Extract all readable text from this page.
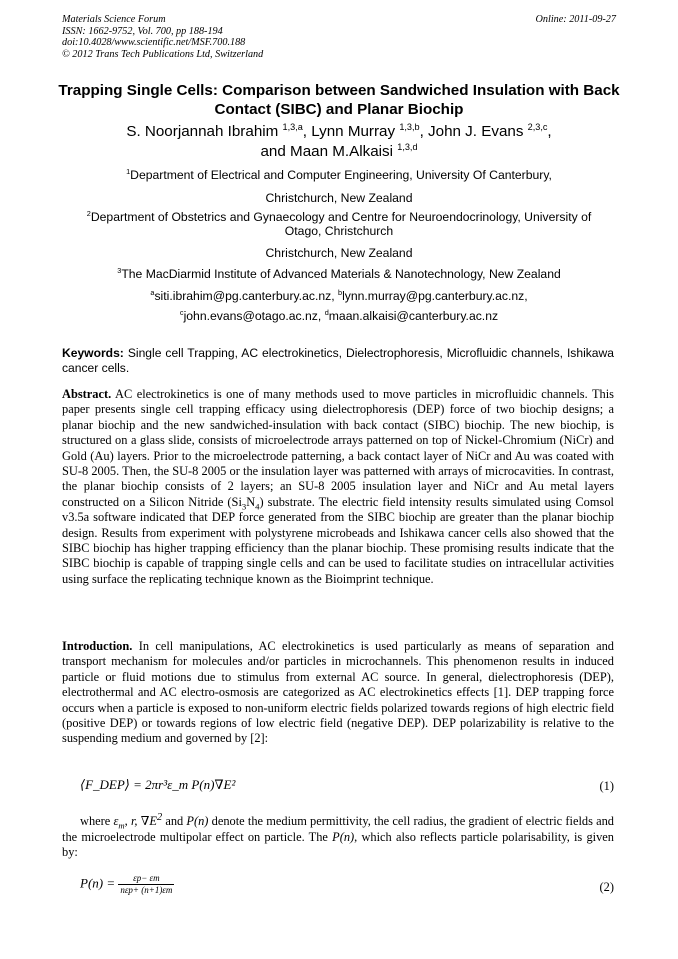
Materials Science Forum
ISSN: 1662-9752, Vol. 700, pp 188-194
doi:10.4028/www.scientific.net/MSF.700.188
© 2012 Trans Tech Publications Ltd, Switzerland
Online: 2011-09-27
Trapping Single Cells: Comparison between Sandwiched Insulation with Back Contact (SIBC) and Planar Biochip
S. Noorjannah Ibrahim $^{1,3,a}$, Lynn Murray $^{1,3,b}$, John J. Evans $^{2,3,c}$,
and Maan M.Alkaisi $^{1,3,d}$
$^1$Department of Electrical and Computer Engineering, University Of Canterbury,
Christchurch, New Zealand
$^2$Department of Obstetrics and Gynaecology and Centre for Neuroendocrinology, University of Otago, Christchurch
Christchurch, New Zealand
$^3$The MacDiarmid Institute of Advanced Materials & Nanotechnology, New Zealand
$^a$siti.ibrahim@pg.canterbury.ac.nz, $^b$lynn.murray@pg.canterbury.ac.nz,
$^c$john.evans@otago.ac.nz, $^d$maan.alkaisi@canterbury.ac.nz
Keywords: Single cell Trapping, AC electrokinetics, Dielectrophoresis, Microfluidic channels, Ishikawa cancer cells.
Abstract. AC electrokinetics is one of many methods used to move particles in microfluidic channels. This paper presents single cell trapping efficacy using dielectrophoresis (DEP) force of two biochip designs; a planar biochip and the new sandwiched-insulation with back contact (SIBC) biochip. The new biochip, is structured on a glass slide, consists of microelectrode arrays patterned on top of Nickel-Chromium (NiCr) and Gold (Au) layers. Prior to the microelectrode patterning, a back contact layer of NiCr and Au was coated with SU-8 2005. Then, the SU-8 2005 or the insulation layer was patterned with arrays of microcavities. In contrast, the planar biochip consists of 2 layers; an SU-8 2005 insulation layer and NiCr and Au metal layers constructed on a Silicon Nitride $(Si_3N_4)$ substrate. The electric field intensity results simulated using Comsol v3.5a software indicated that DEP force generated from the SIBC biochip are greater than the planar biochip design. Results from experiment with polystyrene microbeads and Ishikawa cancer cells also showed that the SIBC biochip has higher trapping efficiency than the planar biochip. These promising results indicate that the SIBC biochip is capable of trapping single cells and can be used to facilitate studies on intracellular activities using surface the replicating technique known as the Bioimprint technique.
Introduction. In cell manipulations, AC electrokinetics is used particularly as means of separation and transport mechanism for molecules and/or particles in microchannels. This phenomenon results in induced particle or fluid motions due to stimulus from external AC source. In general, dielectrophoresis (DEP), electrothermal and AC electro-osmosis are categorized as AC electrokinetics effects [1]. DEP trapping force occurs when a particle is exposed to non-uniform electric fields polarized towards regions of high electric field (positive DEP) or towards regions of low electric field (negative DEP). DEP polarizability is relative to the suspending medium and governed by [2]:
⟨F_DEP⟩ = 2πr³ε_m P(n)∇E²	(1)
where $\varepsilon_m$, r, $\nabla E^2$ and P(n) denote the medium permittivity, the cell radius, the gradient of electric fields and the microelectrode multipolar effect on particle. The P(n), which also reflects particle polarisability, is given by:
$P(n) = \frac{\varepsilon p- \varepsilon m}{\text{nεp+ (n+1)εm}}$	(2)
